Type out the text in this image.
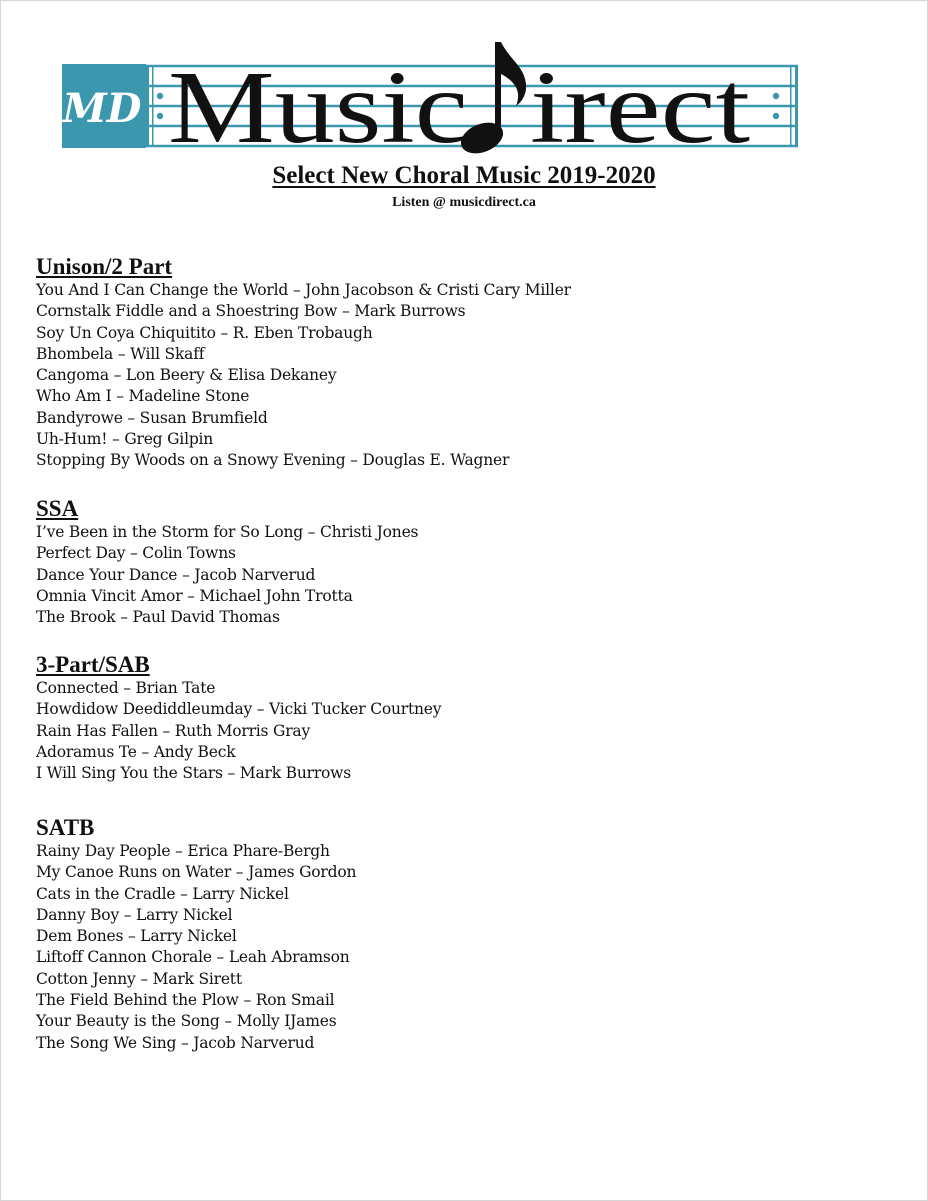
MD Music irect
Select New Choral Music 2019-2020
Listen @ musicdirect.ca
Unison/2 Part
You And I Can Change the World – John Jacobson & Cristi Cary Miller
Cornstalk Fiddle and a Shoestring Bow – Mark Burrows
Soy Un Coya Chiquitito – R. Eben Trobaugh
Bhombela – Will Skaff
Cangoma – Lon Beery & Elisa Dekaney
Who Am I – Madeline Stone
Bandyrowe – Susan Brumfield
Uh-Hum! – Greg Gilpin
Stopping By Woods on a Snowy Evening – Douglas E. Wagner
SSA
I’ve Been in the Storm for So Long – Christi Jones
Perfect Day – Colin Towns
Dance Your Dance – Jacob Narverud
Omnia Vincit Amor – Michael John Trotta
The Brook – Paul David Thomas
3-Part/SAB
Connected – Brian Tate
Howdidow Deediddleumday – Vicki Tucker Courtney
Rain Has Fallen – Ruth Morris Gray
Adoramus Te – Andy Beck
I Will Sing You the Stars – Mark Burrows
SATB
Rainy Day People – Erica Phare-Bergh
My Canoe Runs on Water – James Gordon
Cats in the Cradle – Larry Nickel
Danny Boy – Larry Nickel
Dem Bones – Larry Nickel
Liftoff Cannon Chorale – Leah Abramson
Cotton Jenny – Mark Sirett
The Field Behind the Plow – Ron Smail
Your Beauty is the Song – Molly IJames
The Song We Sing – Jacob Narverud
